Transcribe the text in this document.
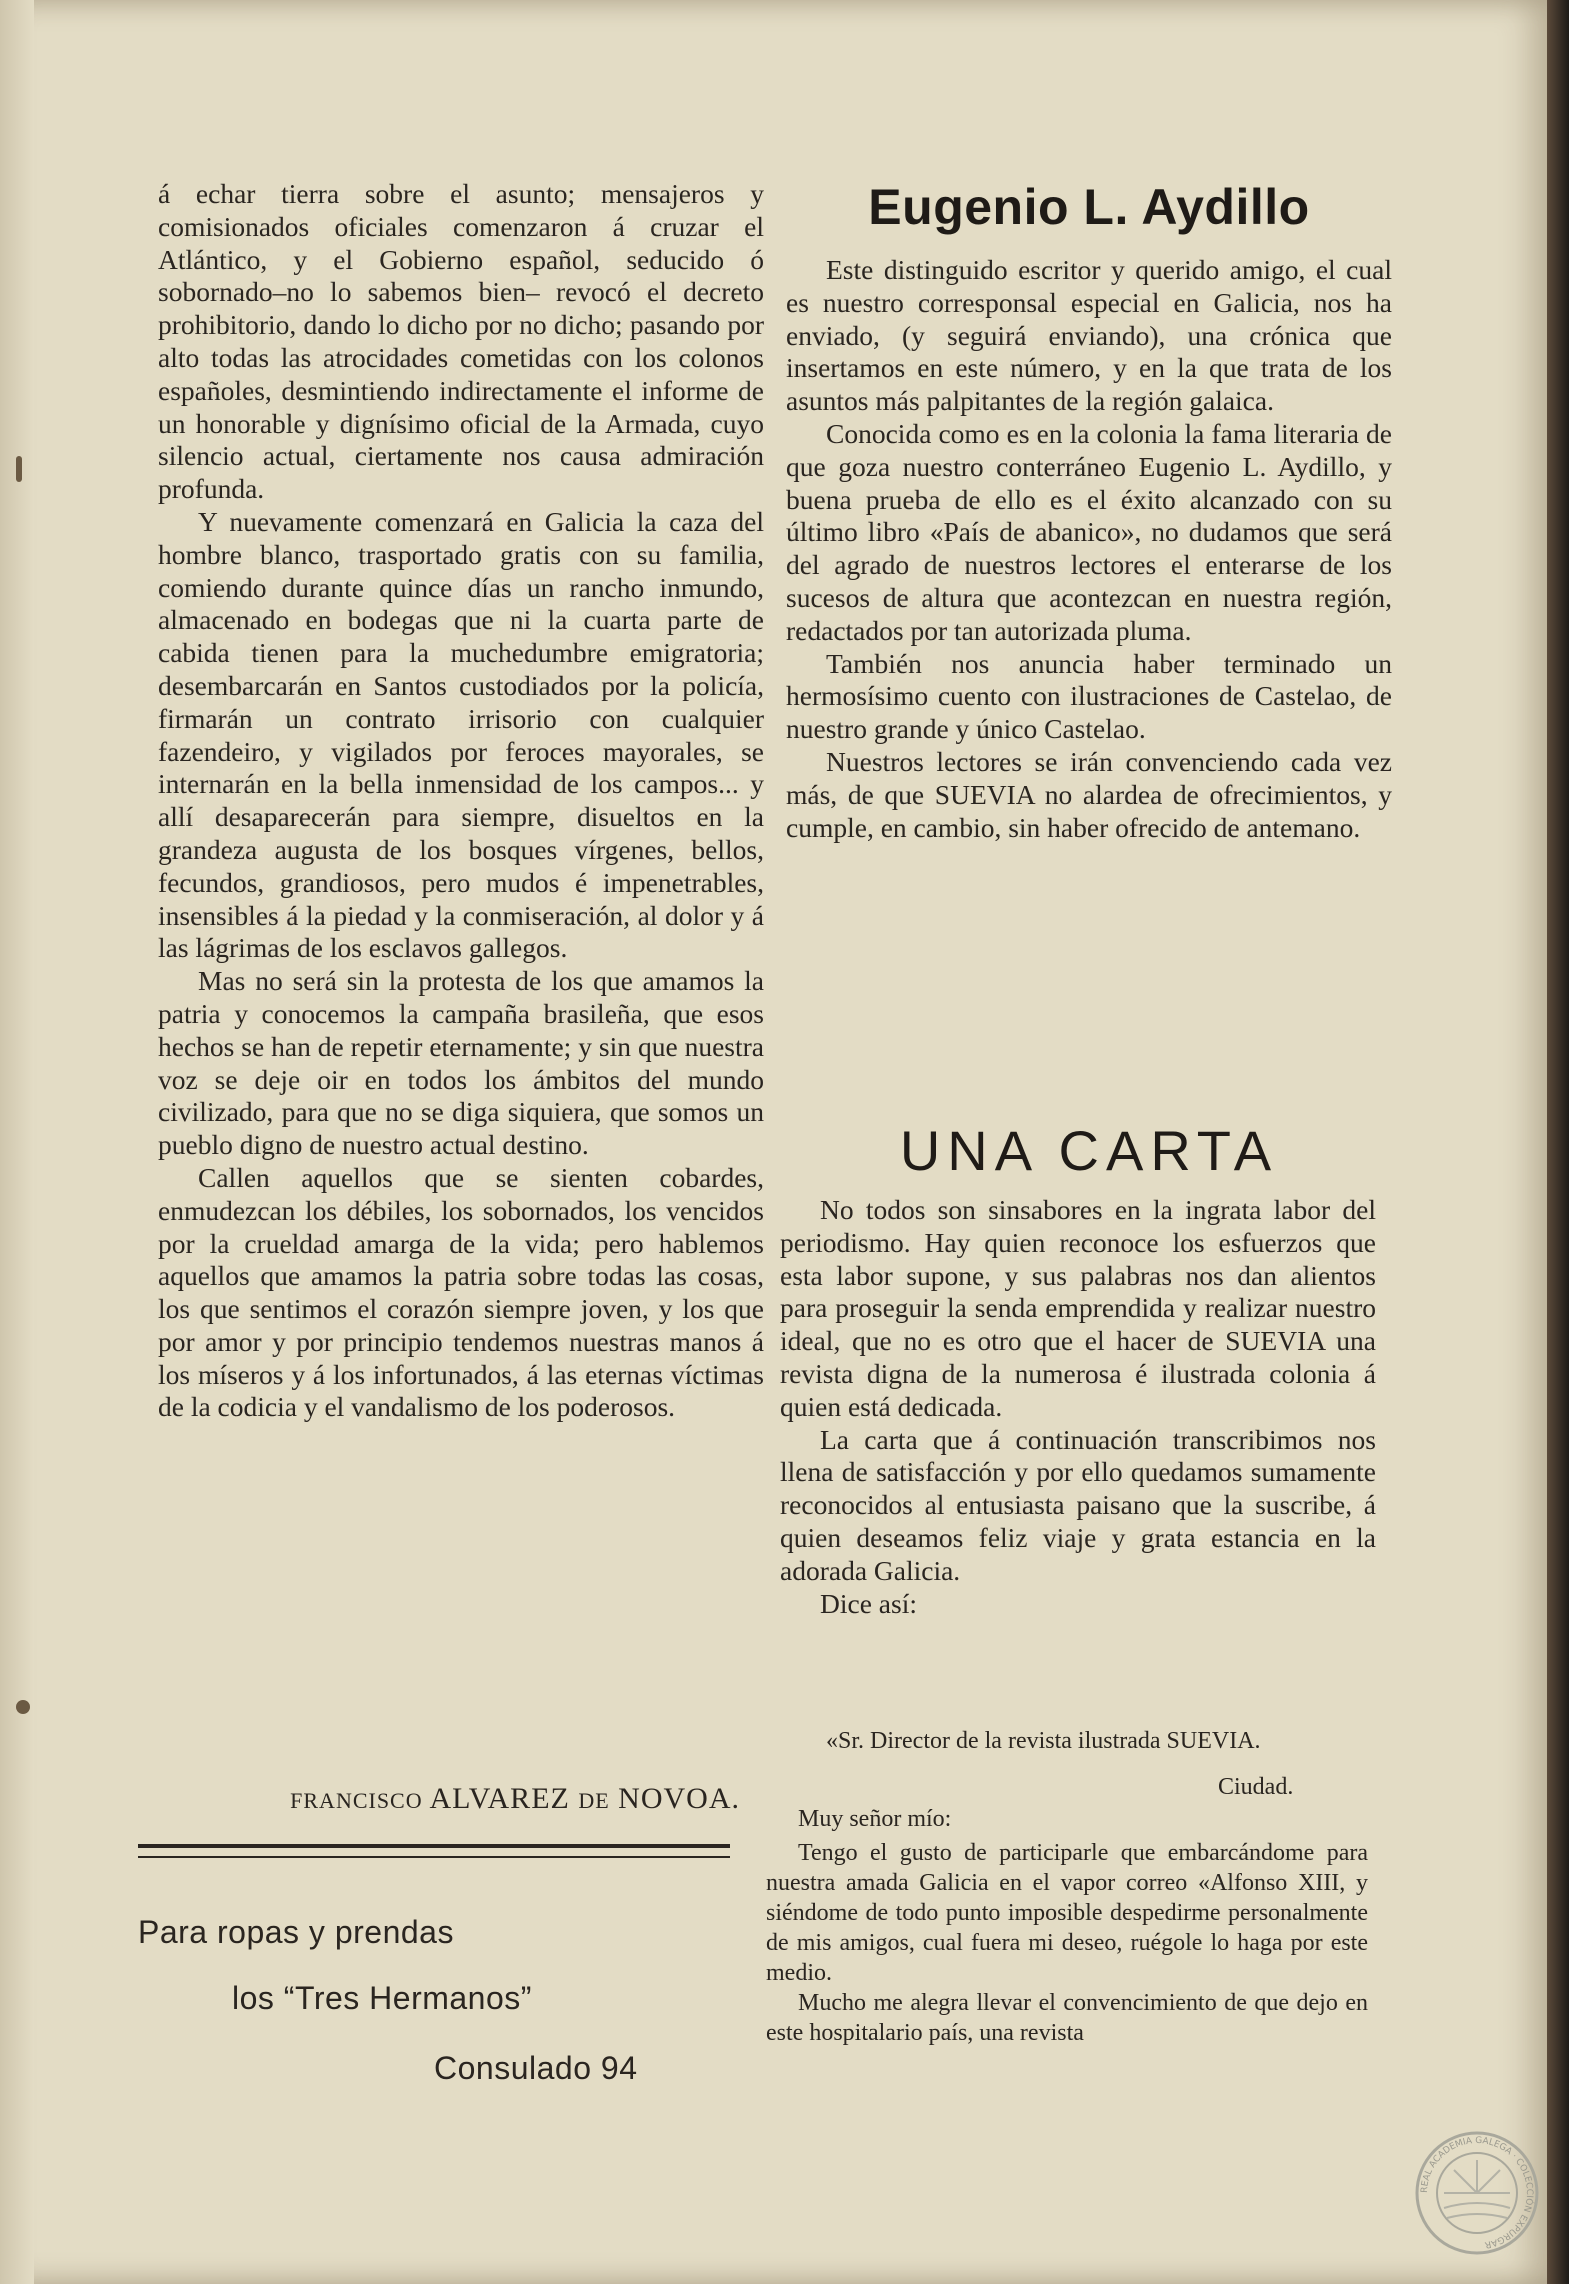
á echar tierra sobre el asunto; mensajeros y comisionados oficiales comenzaron á cruzar el Atlántico, y el Gobierno español, seducido ó sobornado–no lo sabemos bien– revocó el decreto prohibitorio, dando lo dicho por no dicho; pasando por alto todas las atrocidades cometidas con los colonos españoles, desmintiendo indirectamente el informe de un honorable y dignísimo oficial de la Armada, cuyo silencio actual, ciertamente nos causa admiración profunda.

Y nuevamente comenzará en Galicia la caza del hombre blanco, trasportado gratis con su familia, comiendo durante quince días un rancho inmundo, almacenado en bodegas que ni la cuarta parte de cabida tienen para la muchedumbre emigratoria; desembarcarán en Santos custodiados por la policía, firmarán un contrato irrisorio con cualquier fazendeiro, y vigilados por feroces mayorales, se internarán en la bella inmensidad de los campos... y allí desaparecerán para siempre, disueltos en la grandeza augusta de los bosques vírgenes, bellos, fecundos, grandiosos, pero mudos é impenetrables, insensibles á la piedad y la conmiseración, al dolor y á las lágrimas de los esclavos gallegos.

Mas no será sin la protesta de los que amamos la patria y conocemos la campaña brasileña, que esos hechos se han de repetir eternamente; y sin que nuestra voz se deje oir en todos los ámbitos del mundo civilizado, para que no se diga siquiera, que somos un pueblo digno de nuestro actual destino.

Callen aquellos que se sienten cobardes, enmudezcan los débiles, los sobornados, los vencidos por la crueldad amarga de la vida; pero hablemos aquellos que amamos la patria sobre todas las cosas, los que sentimos el corazón siempre joven, y los que por amor y por principio tendemos nuestras manos á los míseros y á los infortunados, á las eternas víctimas de la codicia y el vandalismo de los poderosos.

FRANCISCO ALVAREZ DE NOVOA.
Para ropas y prendas
los “Tres Hermanos”
Consulado 94
Eugenio L. Aydillo

Este distinguido escritor y querido amigo, el cual es nuestro corresponsal especial en Galicia, nos ha enviado, (y seguirá enviando), una crónica que insertamos en este número, y en la que trata de los asuntos más palpitantes de la región galaica.

Conocida como es en la colonia la fama literaria de que goza nuestro conterráneo Eugenio L. Aydillo, y buena prueba de ello es el éxito alcanzado con su último libro «País de abanico», no dudamos que será del agrado de nuestros lectores el enterarse de los sucesos de altura que acontezcan en nuestra región, redactados por tan autorizada pluma.

También nos anuncia haber terminado un hermosísimo cuento con ilustraciones de Castelao, de nuestro grande y único Castelao.

Nuestros lectores se irán convenciendo cada vez más, de que SUEVIA no alardea de ofrecimientos, y cumple, en cambio, sin haber ofrecido de antemano.

UNA CARTA

No todos son sinsabores en la ingrata labor del periodismo. Hay quien reconoce los esfuerzos que esta labor supone, y sus palabras nos dan alientos para proseguir la senda emprendida y realizar nuestro ideal, que no es otro que el hacer de SUEVIA una revista digna de la numerosa é ilustrada colonia á quien está dedicada.

La carta que á continuación transcribimos nos llena de satisfacción y por ello quedamos sumamente reconocidos al entusiasta paisano que la suscribe, á quien deseamos feliz viaje y grata estancia en la adorada Galicia.

Dice así:

«Sr. Director de la revista ilustrada SUEVIA.
Ciudad.
Muy señor mío:

Tengo el gusto de participarle que embarcándome para nuestra amada Galicia en el vapor correo «Alfonso XIII, y siéndome de todo punto imposible despedirme personalmente de mis amigos, cual fuera mi deseo, ruégole lo haga por este medio.

Mucho me alegra llevar el convencimiento de que dejo en este hospitalario país, una revista

REAL ACADEMIA GALEGA · COLECCIÓN EXPURGAR
